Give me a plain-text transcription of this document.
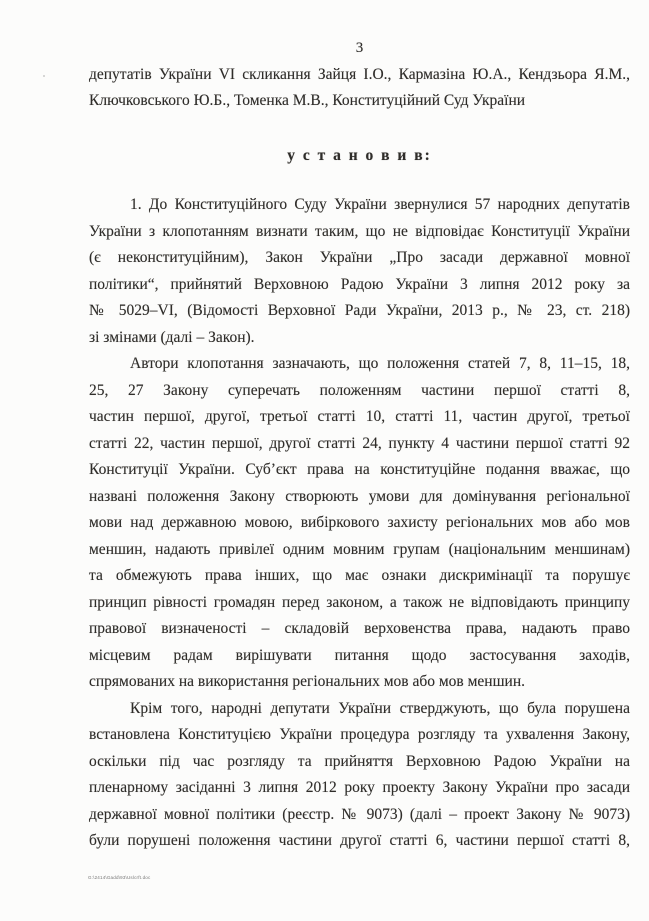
3
депутатів України VI скликання Зайця І.О., Кармазіна Ю.А., Кендзьора Я.М.,
Ключковського Ю.Б., Томенка М.В., Конституційний Суд України
у с т а н о в и в:
1. До Конституційного Суду України звернулися 57 народних депутатів
України з клопотанням визнати таким, що не відповідає Конституції України
(є неконституційним), Закон України „Про засади державної мовної
політики“, прийнятий Верховною Радою України 3 липня 2012 року за
№ 5029–VI, (Відомості Верховної Ради України, 2013 р., № 23, ст. 218)
зі змінами (далі – Закон).
Автори клопотання зазначають, що положення статей 7, 8, 11–15, 18,
25, 27 Закону суперечать положенням частини першої статті 8,
частин першої, другої, третьої статті 10, статті 11, частин другої, третьої
статті 22, частин першої, другої статті 24, пункту 4 частини першої статті 92
Конституції України. Суб’єкт права на конституційне подання вважає, що
названі положення Закону створюють умови для домінування регіональної
мови над державною мовою, вибіркового захисту регіональних мов або мов
меншин, надають привілеї одним мовним групам (національним меншинам)
та обмежують права інших, що має ознаки дискримінації та порушує
принцип рівності громадян перед законом, а також не відповідають принципу
правової визначеності – складовій верховенства права, надають право
місцевим радам вирішувати питання щодо застосування заходів,
спрямованих на використання регіональних мов або мов меншин.
Крім того, народні депутати України стверджують, що була порушена
встановлена Конституцією України процедура розгляду та ухвалення Закону,
оскільки під час розгляду та прийняття Верховною Радою України на
пленарному засіданні 3 липня 2012 року проекту Закону України про засади
державної мовної політики (реєстр. № 9073) (далі – проект Закону № 9073)
були порушені положення частини другої статті 6, частини першої статті 8,
G:\2414\Gadd\93\Uslcrft.doc
